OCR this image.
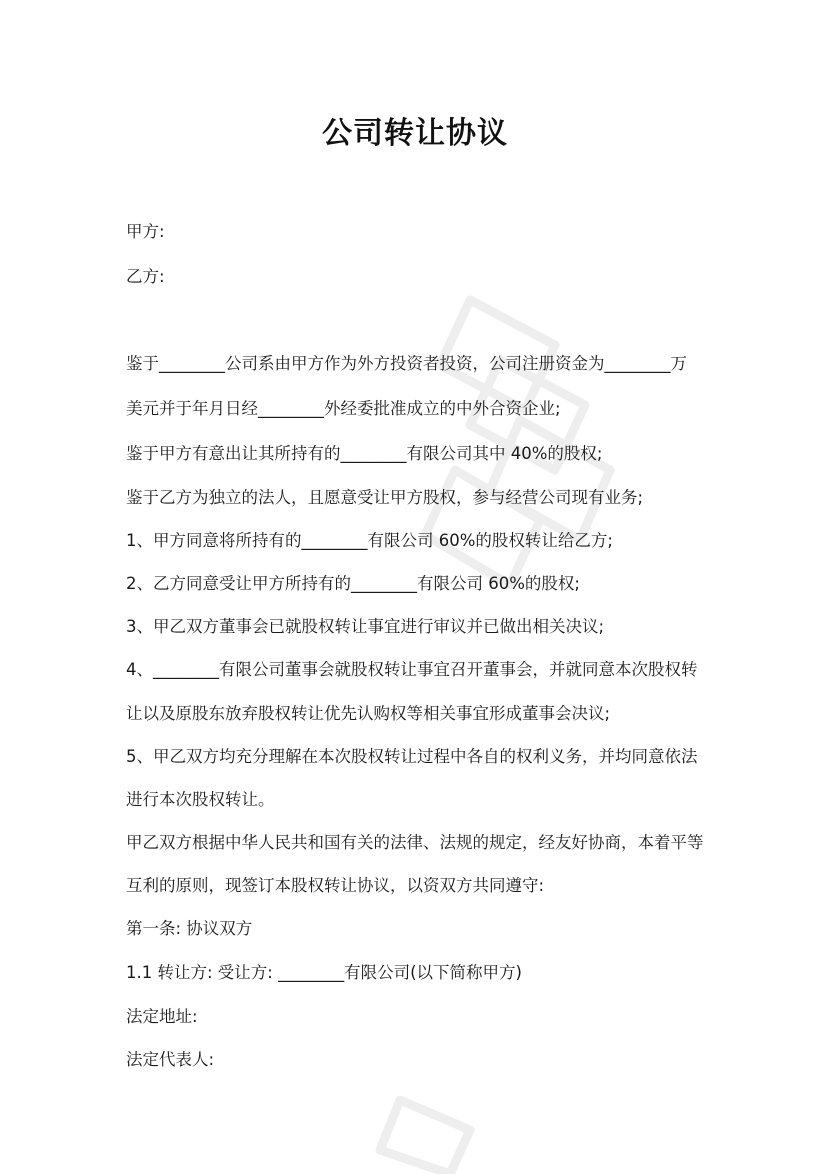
公司转让协议
甲方:
乙方:
鉴于________公司系由甲方作为外方投资者投资，公司注册资金为________万
美元并于年月日经________外经委批准成立的中外合资企业;
鉴于甲方有意出让其所持有的________有限公司其中 40%的股权;
鉴于乙方为独立的法人，且愿意受让甲方股权，参与经营公司现有业务;
1、甲方同意将所持有的________有限公司 60%的股权转让给乙方;
2、乙方同意受让甲方所持有的________有限公司 60%的股权;
3、甲乙双方董事会已就股权转让事宜进行审议并已做出相关决议;
4、________有限公司董事会就股权转让事宜召开董事会，并就同意本次股权转
让以及原股东放弃股权转让优先认购权等相关事宜形成董事会决议;
5、甲乙双方均充分理解在本次股权转让过程中各自的权利义务，并均同意依法
进行本次股权转让。
甲乙双方根据中华人民共和国有关的法律、法规的规定，经友好协商，本着平等
互利的原则，现签订本股权转让协议，以资双方共同遵守:
第一条: 协议双方
1.1 转让方: 受让方: ________有限公司(以下简称甲方)
法定地址:
法定代表人:
